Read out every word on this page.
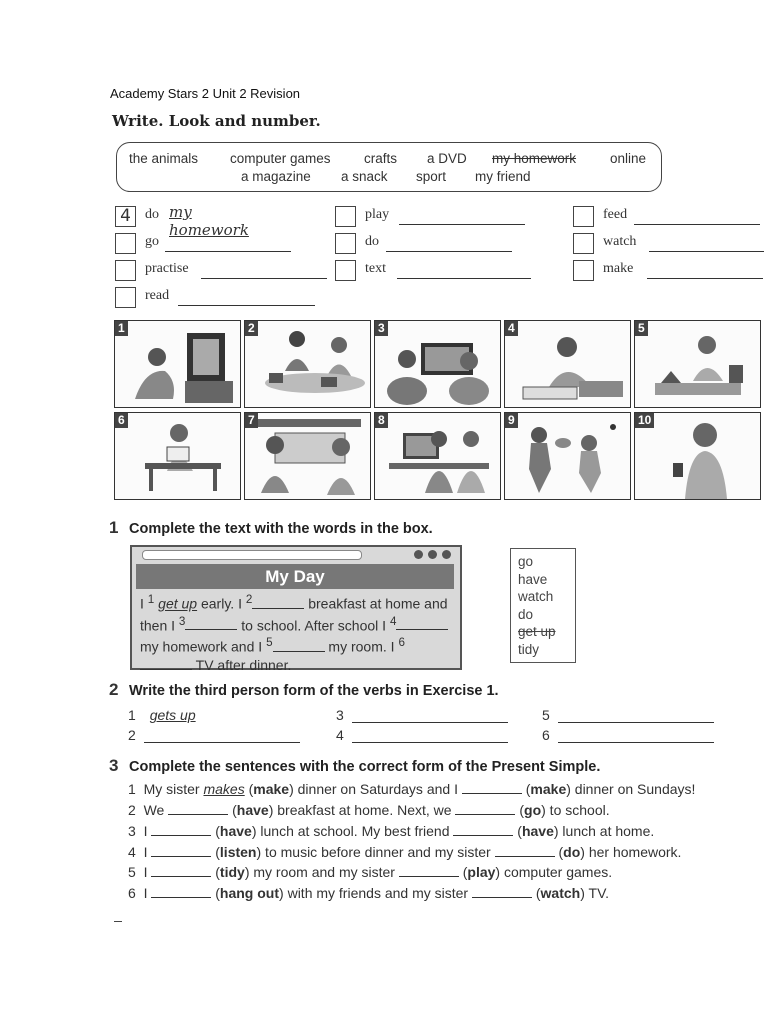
Academy Stars 2 Unit 2 Revision
Write. Look and number.
the animals computer games crafts a DVD my homework	online
a magazine a snack sport my friend
4	do my homework
go
practise
read
play
do
text
feed
watch
make
1	2	3	4	5
6	7	8	9	10
1 Complete the text with the words in the box.
My Day
I $^1$ get up early. I $^2$	breakfast at home and then I $^3$	to school. After school I $^4$ my homework and I $^5$	my room. I $^6$ TV after dinner.
go
have
watch
do
get up
tidy
2 Write the third person form of the verbs in Exercise 1.
1 gets up
2
3
4
5
6
3 Complete the sentences with the correct form of the Present Simple.
1 My sister makes (make) dinner on Saturdays and I	(make) dinner on Sundays!
2 We	(have) breakfast at home. Next, we	(go) to school.
3 I	(have) lunch at school. My best friend	(have) lunch at home.
4 I	(listen) to music before dinner and my sister	(do) her homework.
5 I	(tidy) my room and my sister	(play) computer games.
6 I	(hang out) with my friends and my sister	(watch) TV.
